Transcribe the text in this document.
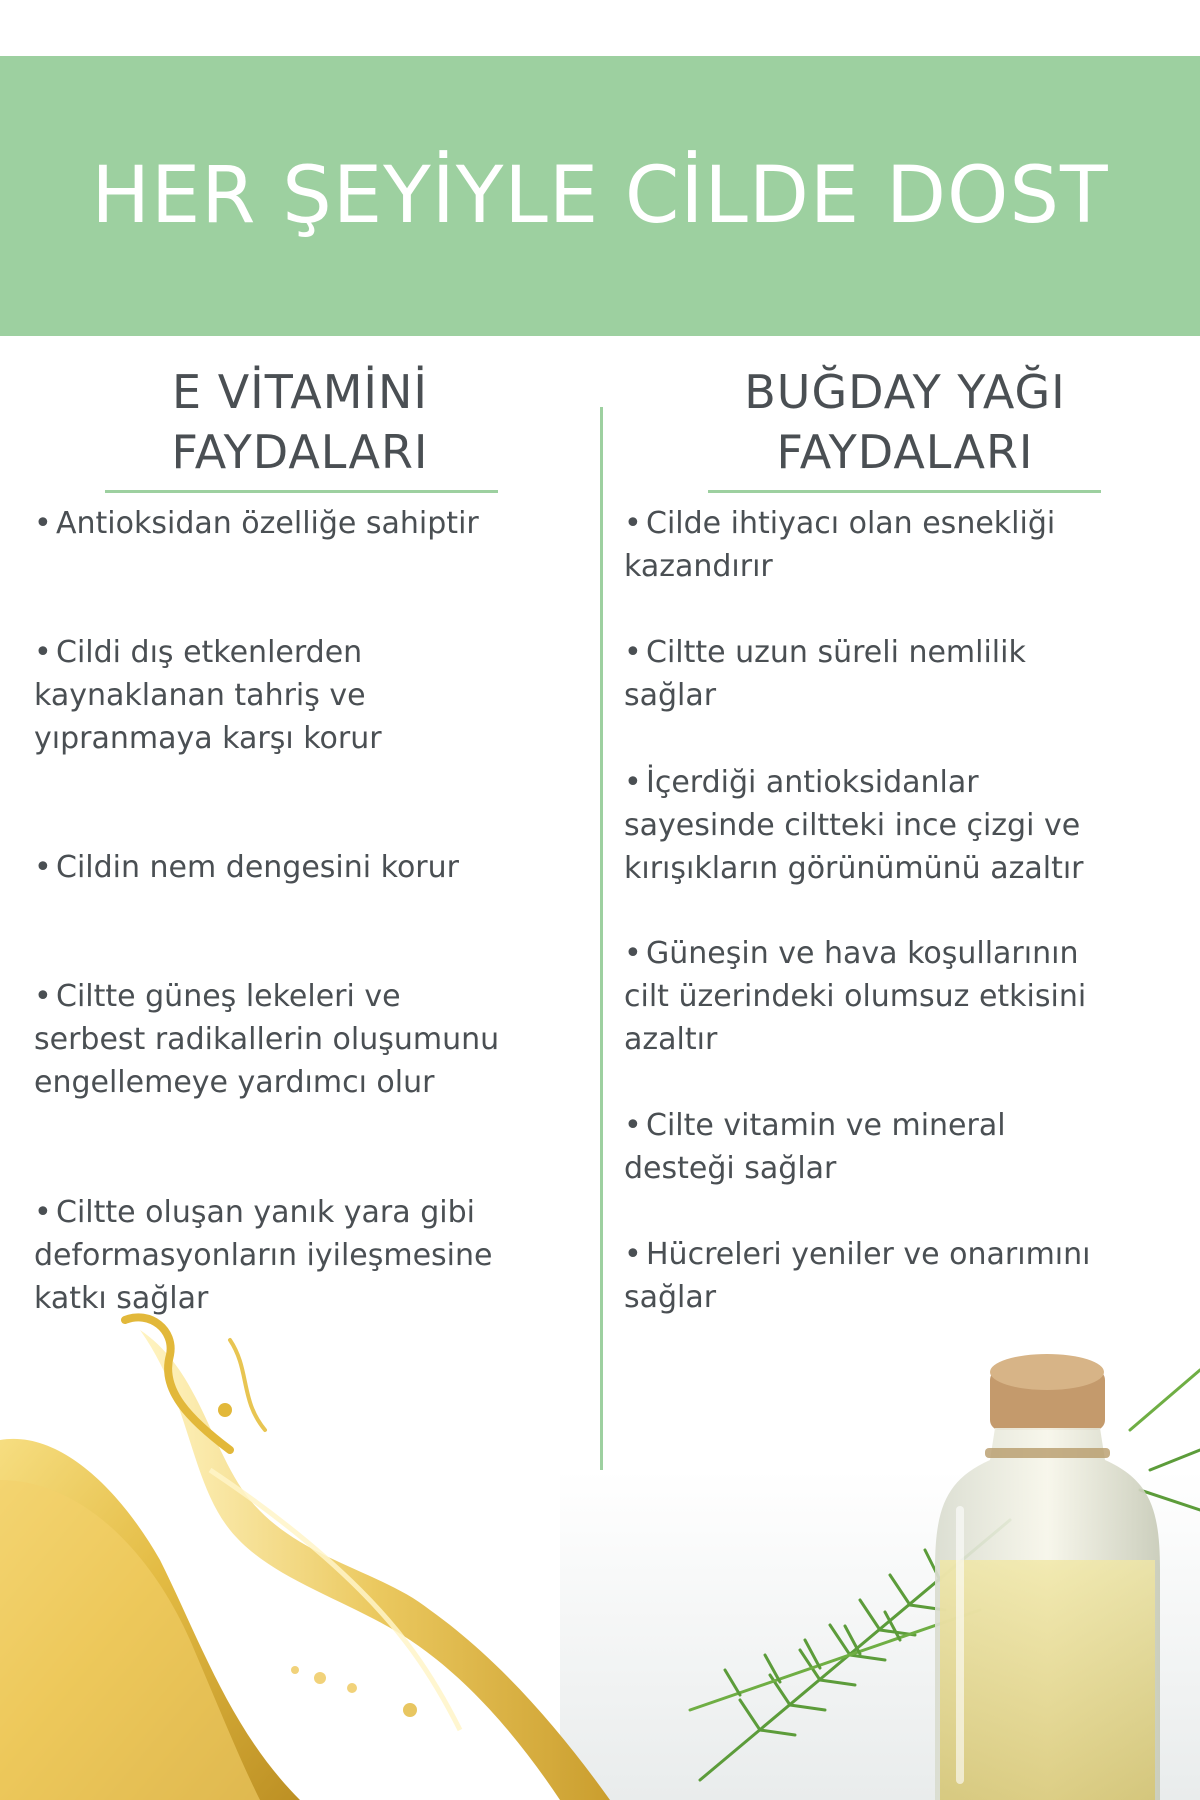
HER ŞEYİYLE CİLDE DOST
E VİTAMİNİ
FAYDALARI
BUĞDAY YAĞI
FAYDALARI
• Antioksidan özelliğe sahiptir
• Cildi dış etkenlerden
kaynaklanan tahriş ve
yıpranmaya karşı korur
• Cildin nem dengesini korur
• Ciltte güneş lekeleri ve
serbest radikallerin oluşumunu
engellemeye yardımcı olur
• Ciltte oluşan yanık yara gibi
deformasyonların iyileşmesine
katkı sağlar
• Cilde ihtiyacı olan esnekliği
kazandırır
• Ciltte uzun süreli nemlilik
sağlar
• İçerdiği antioksidanlar
sayesinde ciltteki ince çizgi ve
kırışıkların görünümünü azaltır
• Güneşin ve hava koşullarının
cilt üzerindeki olumsuz etkisini
azaltır
• Cilte vitamin ve mineral
desteği sağlar
• Hücreleri yeniler ve onarımını
sağlar
